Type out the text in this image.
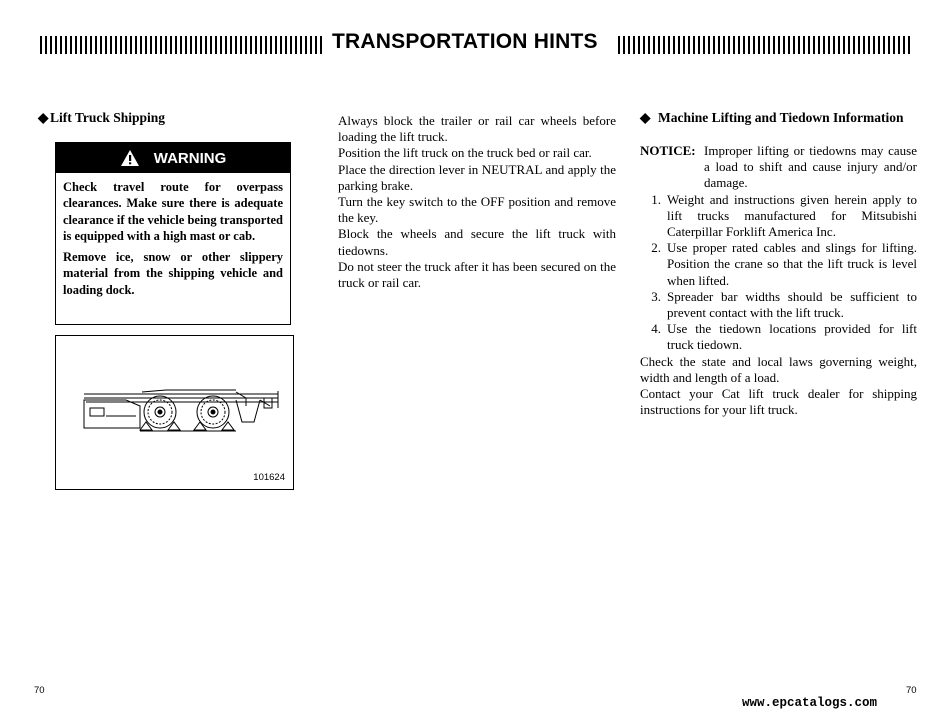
TRANSPORTATION HINTS
◆ Lift Truck Shipping
WARNING

Check travel route for overpass clearances. Make sure there is adequate clearance if the vehicle being transported is equipped with a high mast or cab.

Remove ice, snow or other slippery material from the shipping vehicle and loading dock.

101624

Always block the trailer or rail car wheels before loading the lift truck.

Position the lift truck on the truck bed or rail car.

Place the direction lever in NEUTRAL and apply the parking brake.

Turn the key switch to the OFF position and remove the key.

Block the wheels and secure the lift truck with tiedowns.

Do not steer the truck after it has been secured on the truck or rail car.

◆ Machine Lifting and Tiedown Information
NOTICE: Improper lifting or tiedowns may cause a load to shift and cause injury and/or damage.
1. Weight and instructions given herein apply to lift trucks manufactured for Mitsubishi Caterpillar Forklift America Inc.
2. Use proper rated cables and slings for lifting. Position the crane so that the lift truck is level when lifted.
3. Spreader bar widths should be sufficient to prevent contact with the lift truck.
4. Use the tiedown locations provided for lift truck tiedown.

Check the state and local laws governing weight, width and length of a load.

Contact your Cat lift truck dealer for shipping instructions for your lift truck.

70	70
www.epcatalogs.com
